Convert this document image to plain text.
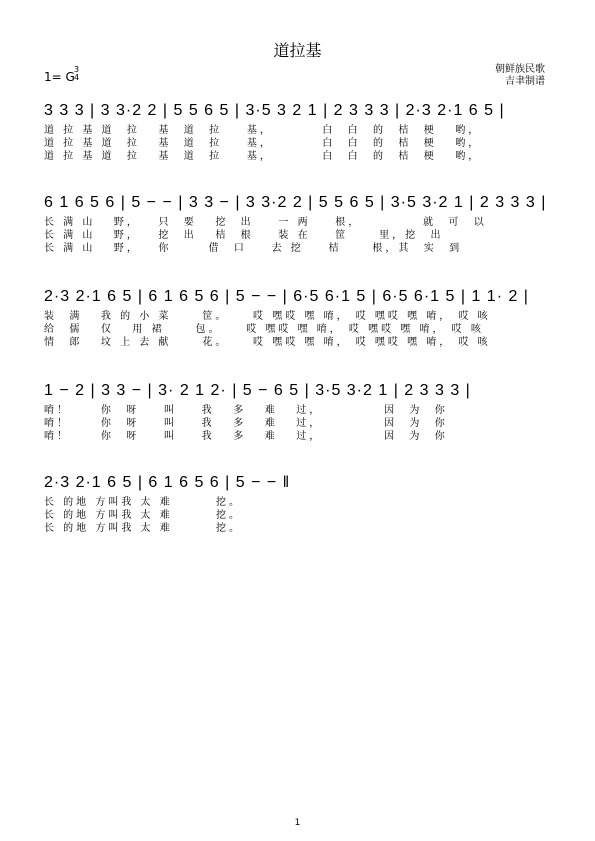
道拉基
朝鲜族民歌
吉聿制谱
1= G
3
4
3 3 3 | 3 3·2 2 | 5 5 6 5 | 3·5 3 2 1 | 2 3 3 3 | 2·3 2·1 6 5 |
道 拉 基 道  拉   基  道  拉    基，        白  白  的  桔  梗   哟，
道 拉 基 道  拉   基  道  拉    基，        白  白  的  桔  梗   哟，
道 拉 基 道  拉   基  道  拉    基，        白  白  的  桔  梗   哟，
6 1 6 5 6 | 5 − − | 3 3 − | 3 3·2 2 | 5 5 6 5 | 3·5 3·2 1 | 2 3 3 3 |
长 满 山   野，   只  要   挖  出    一 两    根，          就  可  以
长 满 山   野，   挖  出   桔  根    装 在    筐     里，挖  出
长 满 山   野，   你      借  口    去 挖    桔     根，其  实  到
2·3 2·1 6 5 | 6 1 6 5 6 | 5 − − | 6·5 6·1 5 | 6·5 6·1 5 | 1 1· 2 |
装  满   我 的 小 菜     筐。    哎 嘿哎 嘿 唷， 哎 嘿哎 嘿 唷， 哎 咳
给  儒   仅   用 裙     包。    哎 嘿哎 嘿 唷， 哎 嘿哎 嘿 唷， 哎 咳
情  郎   坟 上 去 献     花。    哎 嘿哎 嘿 唷， 哎 嘿哎 嘿 唷， 哎 咳
1 − 2 | 3 3 − | 3· 2 1 2· | 5 − 6 5 | 3·5 3·2 1 | 2 3 3 3 |
唷！     你  呀    叫    我   多   难   过，          因  为  你
唷！     你  呀    叫    我   多   难   过，          因  为  你
唷！     你  呀    叫    我   多   难   过，          因  为  你
2·3 2·1 6 5 | 6 1 6 5 6 | 5 − − ‖
长 的地 方叫我 太 难       挖。
长 的地 方叫我 太 难       挖。
长 的地 方叫我 太 难       挖。
1
